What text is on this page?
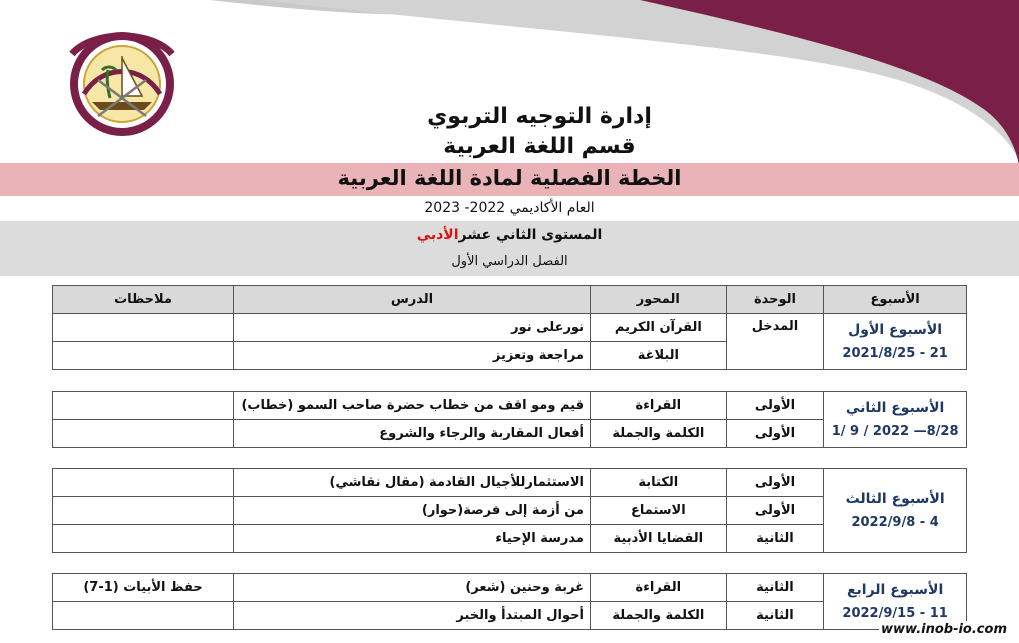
إدارة التوجيه التربوي
قسم اللغة العربية
الخطة الفصلية لمادة اللغة العربية
العام الأكاديمي 2022- 2023
المستوى الثاني عشرالأدبي
الفصل الدراسي الأول
الأسبوع	الوحدة	المحور	الدرس	ملاحظات

الأسبوع الأول
21 - 2021/8/25	المدخل	القرآن الكريم	نورعلى نور	
		البلاغة	مراجعة وتعزيز	
الأسبوع الثاني
8/28— 2022 / 9 /1	الأولى	القراءة	قيم ومو اقف من خطاب حضرة صاحب السمو (خطاب)	
	الأولى	الكلمة والجملة	أفعال المقاربة والرجاء والشروع	
الأسبوع الثالث
4 - 2022/9/8	الأولى	الكتابة	الاستثمارللأجيال القادمة (مقال نقاشي)	
	الأولى	الاستماع	من أزمة إلى فرصة(حوار)	
	الثانية	القضايا الأدبية	مدرسة الإحياء	
الأسبوع الرابع
11 - 2022/9/15	الثانية	القراءة	غربة وحنين (شعر)	حفظ الأبيات (1-7)
	الثانية	الكلمة والجملة	أحوال المبتدأ والخبر	
www.inob-io.com
